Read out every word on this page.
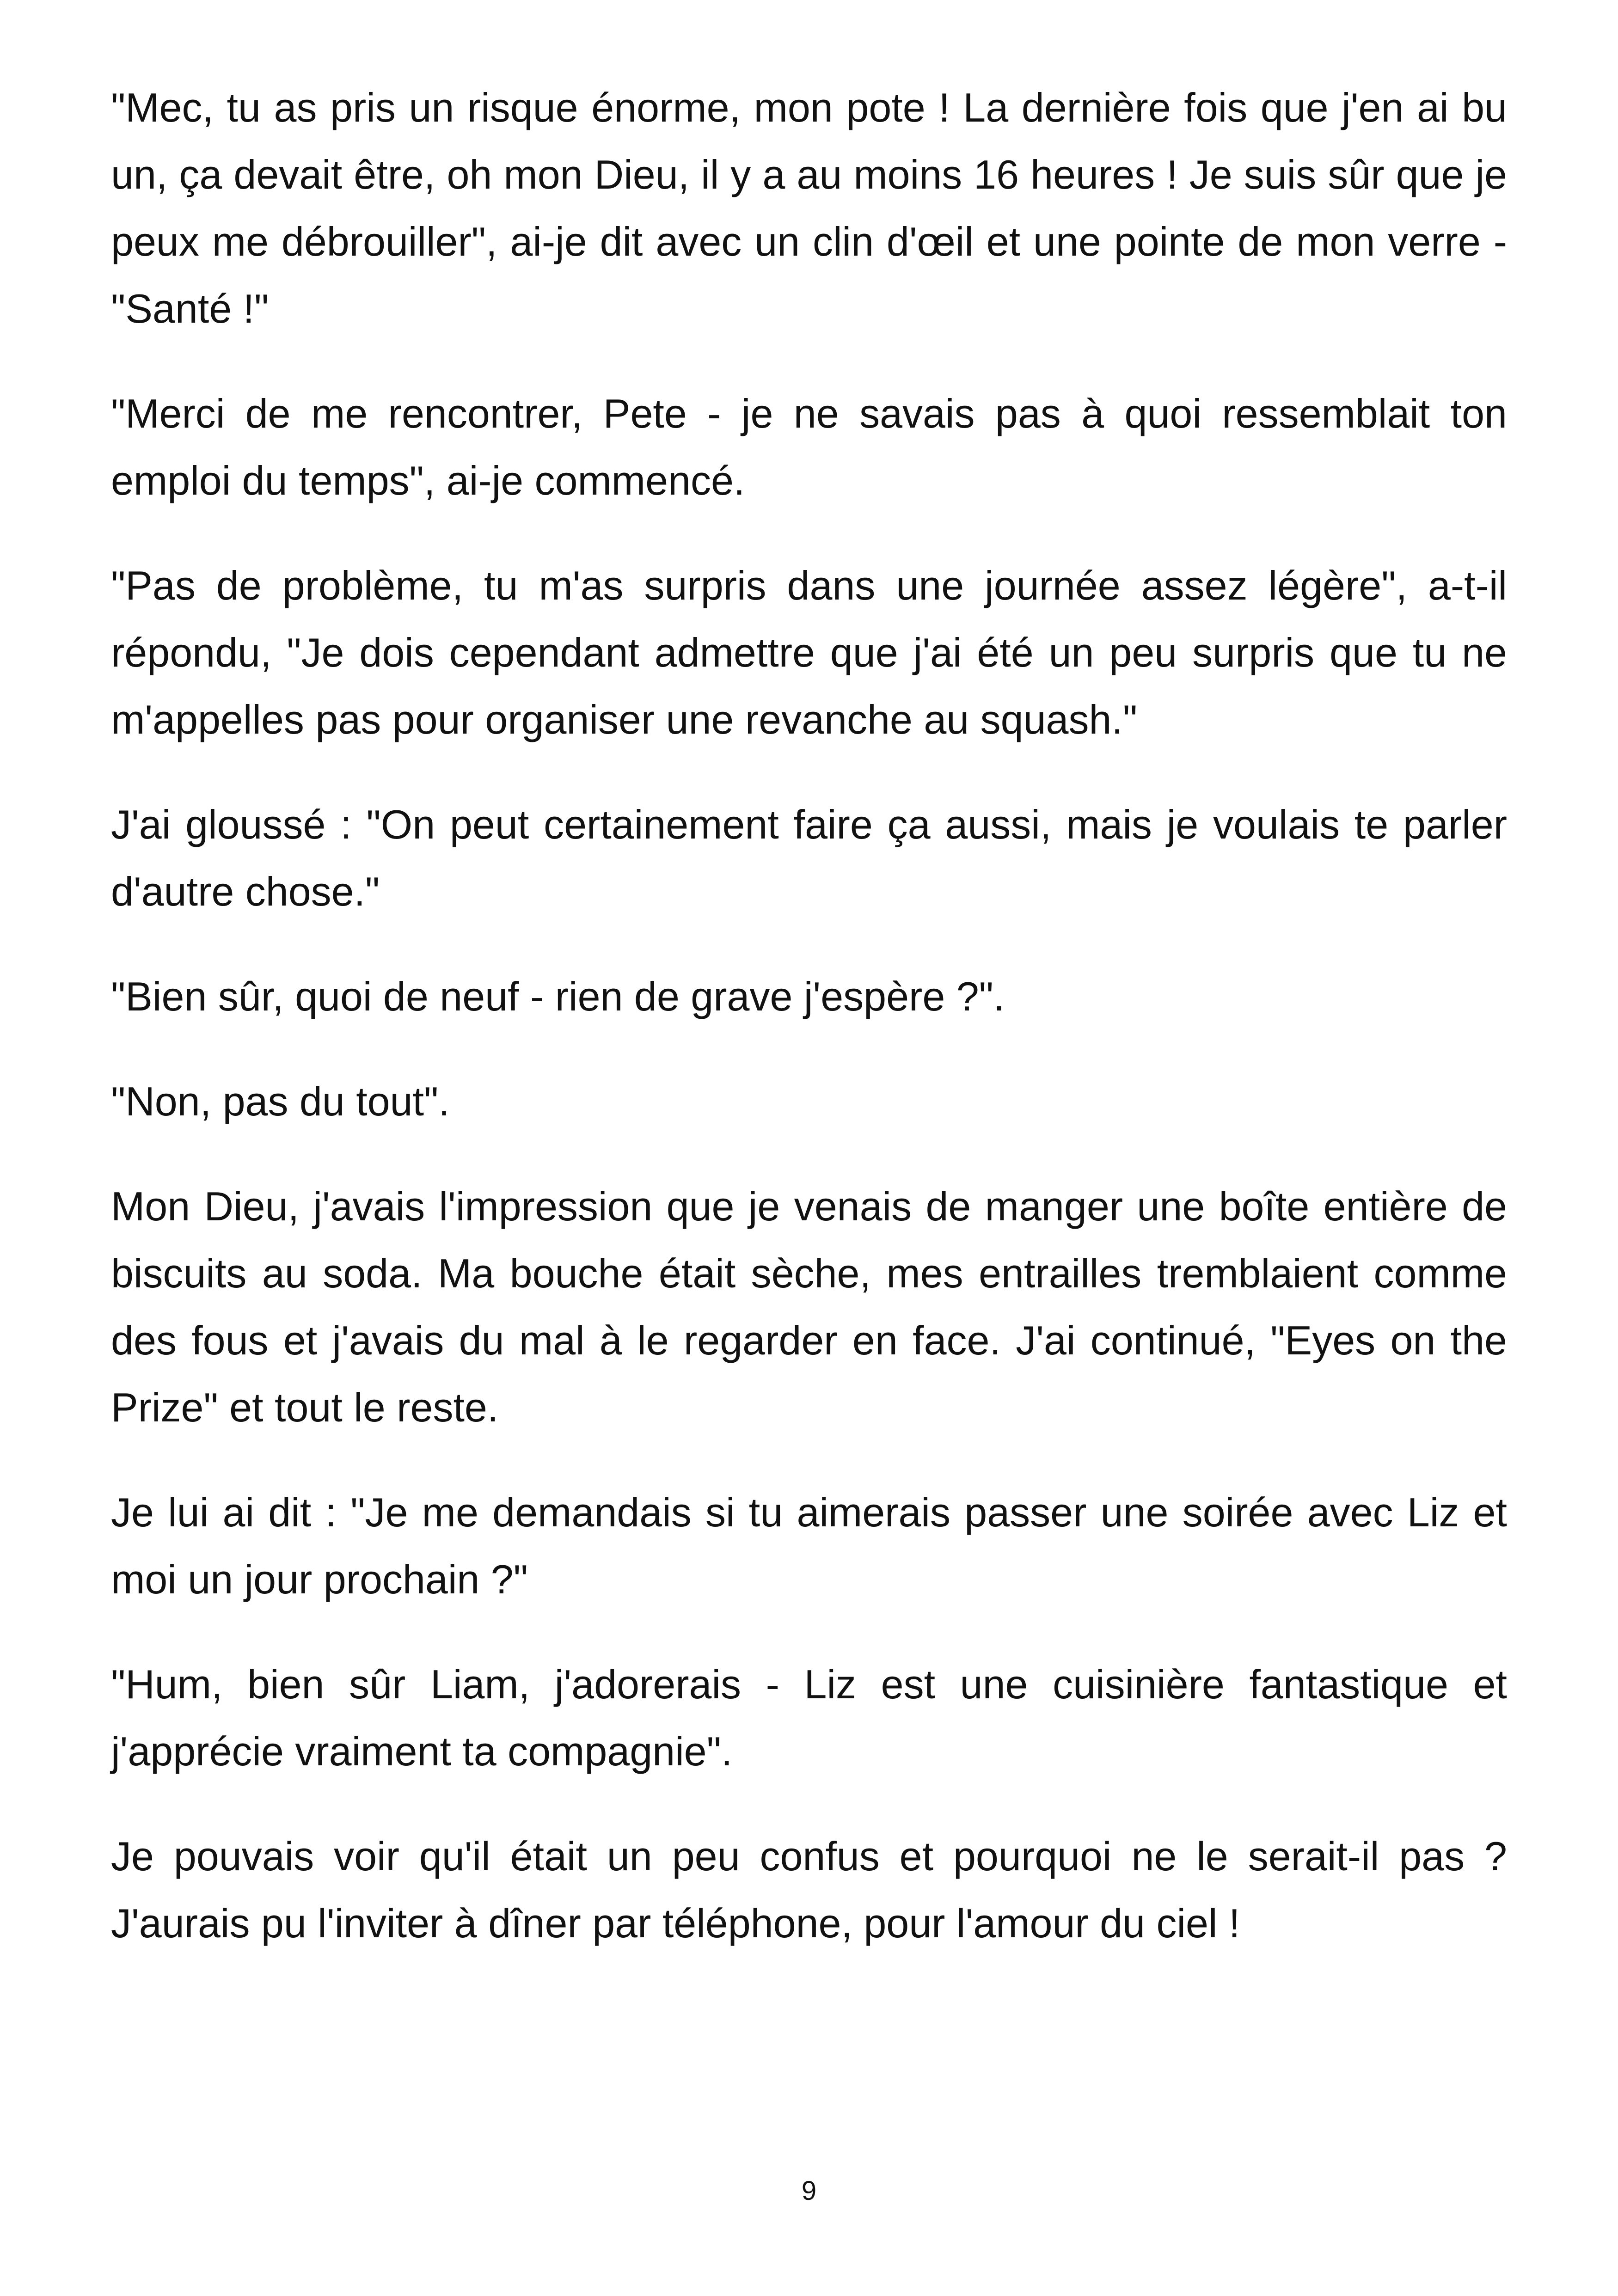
"Mec, tu as pris un risque énorme, mon pote ! La dernière fois que j'en ai bu un, ça devait être, oh mon Dieu, il y a au moins 16 heures ! Je suis sûr que je peux me débrouiller", ai-je dit avec un clin d'œil et une pointe de mon verre - "Santé !"

"Merci de me rencontrer, Pete - je ne savais pas à quoi ressemblait ton emploi du temps", ai-je commencé.

"Pas de problème, tu m'as surpris dans une journée assez légère", a-t-il répondu, "Je dois cependant admettre que j'ai été un peu surpris que tu ne m'appelles pas pour organiser une revanche au squash."

J'ai gloussé : "On peut certainement faire ça aussi, mais je voulais te parler d'autre chose."

"Bien sûr, quoi de neuf - rien de grave j'espère ?".

"Non, pas du tout".

Mon Dieu, j'avais l'impression que je venais de manger une boîte entière de biscuits au soda. Ma bouche était sèche, mes entrailles tremblaient comme des fous et j'avais du mal à le regarder en face. J'ai continué, "Eyes on the Prize" et tout le reste.

Je lui ai dit : "Je me demandais si tu aimerais passer une soirée avec Liz et moi un jour prochain ?"

"Hum, bien sûr Liam, j'adorerais - Liz est une cuisinière fantastique et j'apprécie vraiment ta compagnie".

Je pouvais voir qu'il était un peu confus et pourquoi ne le serait-il pas ? J'aurais pu l'inviter à dîner par téléphone, pour l'amour du ciel !

9
